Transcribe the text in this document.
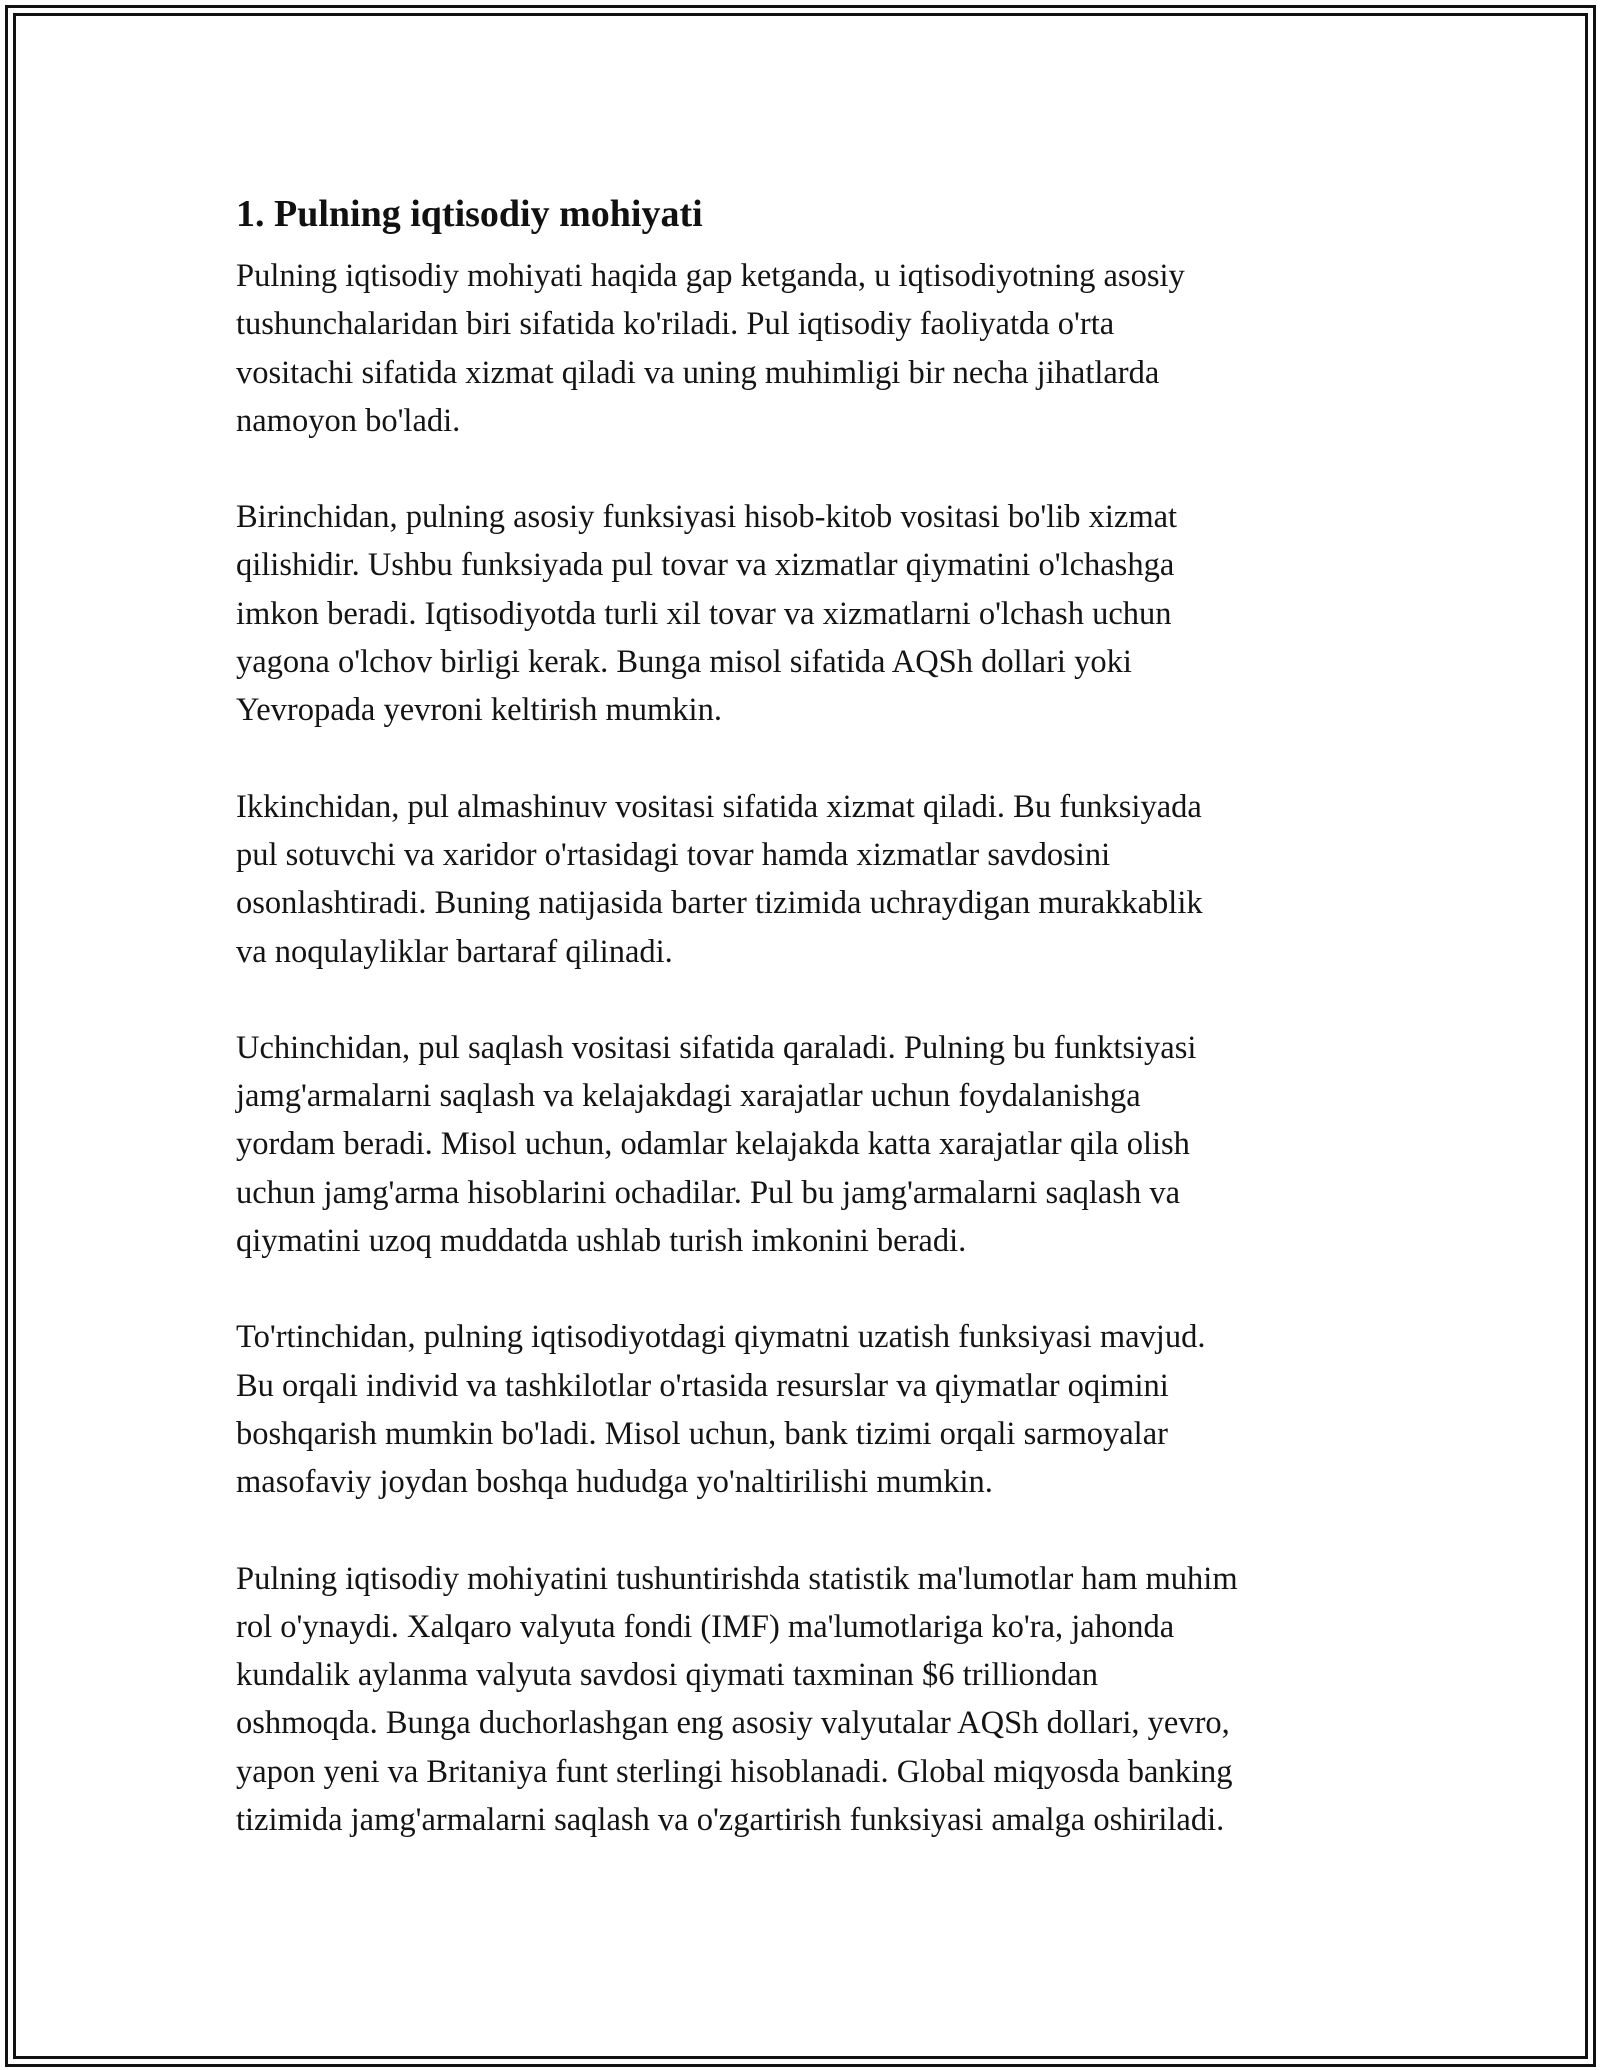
1. Pulning iqtisodiy mohiyati

Pulning iqtisodiy mohiyati haqida gap ketganda, u iqtisodiyotning asosiy
tushunchalaridan biri sifatida ko'riladi. Pul iqtisodiy faoliyatda o'rta
vositachi sifatida xizmat qiladi va uning muhimligi bir necha jihatlarda
namoyon bo'ladi.

Birinchidan, pulning asosiy funksiyasi hisob-kitob vositasi bo'lib xizmat
qilishidir. Ushbu funksiyada pul tovar va xizmatlar qiymatini o'lchashga
imkon beradi. Iqtisodiyotda turli xil tovar va xizmatlarni o'lchash uchun
yagona o'lchov birligi kerak. Bunga misol sifatida AQSh dollari yoki
Yevropada yevroni keltirish mumkin.

Ikkinchidan, pul almashinuv vositasi sifatida xizmat qiladi. Bu funksiyada
pul sotuvchi va xaridor o'rtasidagi tovar hamda xizmatlar savdosini
osonlashtiradi. Buning natijasida barter tizimida uchraydigan murakkablik
va noqulayliklar bartaraf qilinadi.

Uchinchidan, pul saqlash vositasi sifatida qaraladi. Pulning bu funktsiyasi
jamg'armalarni saqlash va kelajakdagi xarajatlar uchun foydalanishga
yordam beradi. Misol uchun, odamlar kelajakda katta xarajatlar qila olish
uchun jamg'arma hisoblarini ochadilar. Pul bu jamg'armalarni saqlash va
qiymatini uzoq muddatda ushlab turish imkonini beradi.

To'rtinchidan, pulning iqtisodiyotdagi qiymatni uzatish funksiyasi mavjud.
Bu orqali individ va tashkilotlar o'rtasida resurslar va qiymatlar oqimini
boshqarish mumkin bo'ladi. Misol uchun, bank tizimi orqali sarmoyalar
masofaviy joydan boshqa hududga yo'naltirilishi mumkin.

Pulning iqtisodiy mohiyatini tushuntirishda statistik ma'lumotlar ham muhim
rol o'ynaydi. Xalqaro valyuta fondi (IMF) ma'lumotlariga ko'ra, jahonda
kundalik aylanma valyuta savdosi qiymati taxminan $6 trilliondan
oshmoqda. Bunga duchorlashgan eng asosiy valyutalar AQSh dollari, yevro,
yapon yeni va Britaniya funt sterlingi hisoblanadi. Global miqyosda banking
tizimida jamg'armalarni saqlash va o'zgartirish funksiyasi amalga oshiriladi.
